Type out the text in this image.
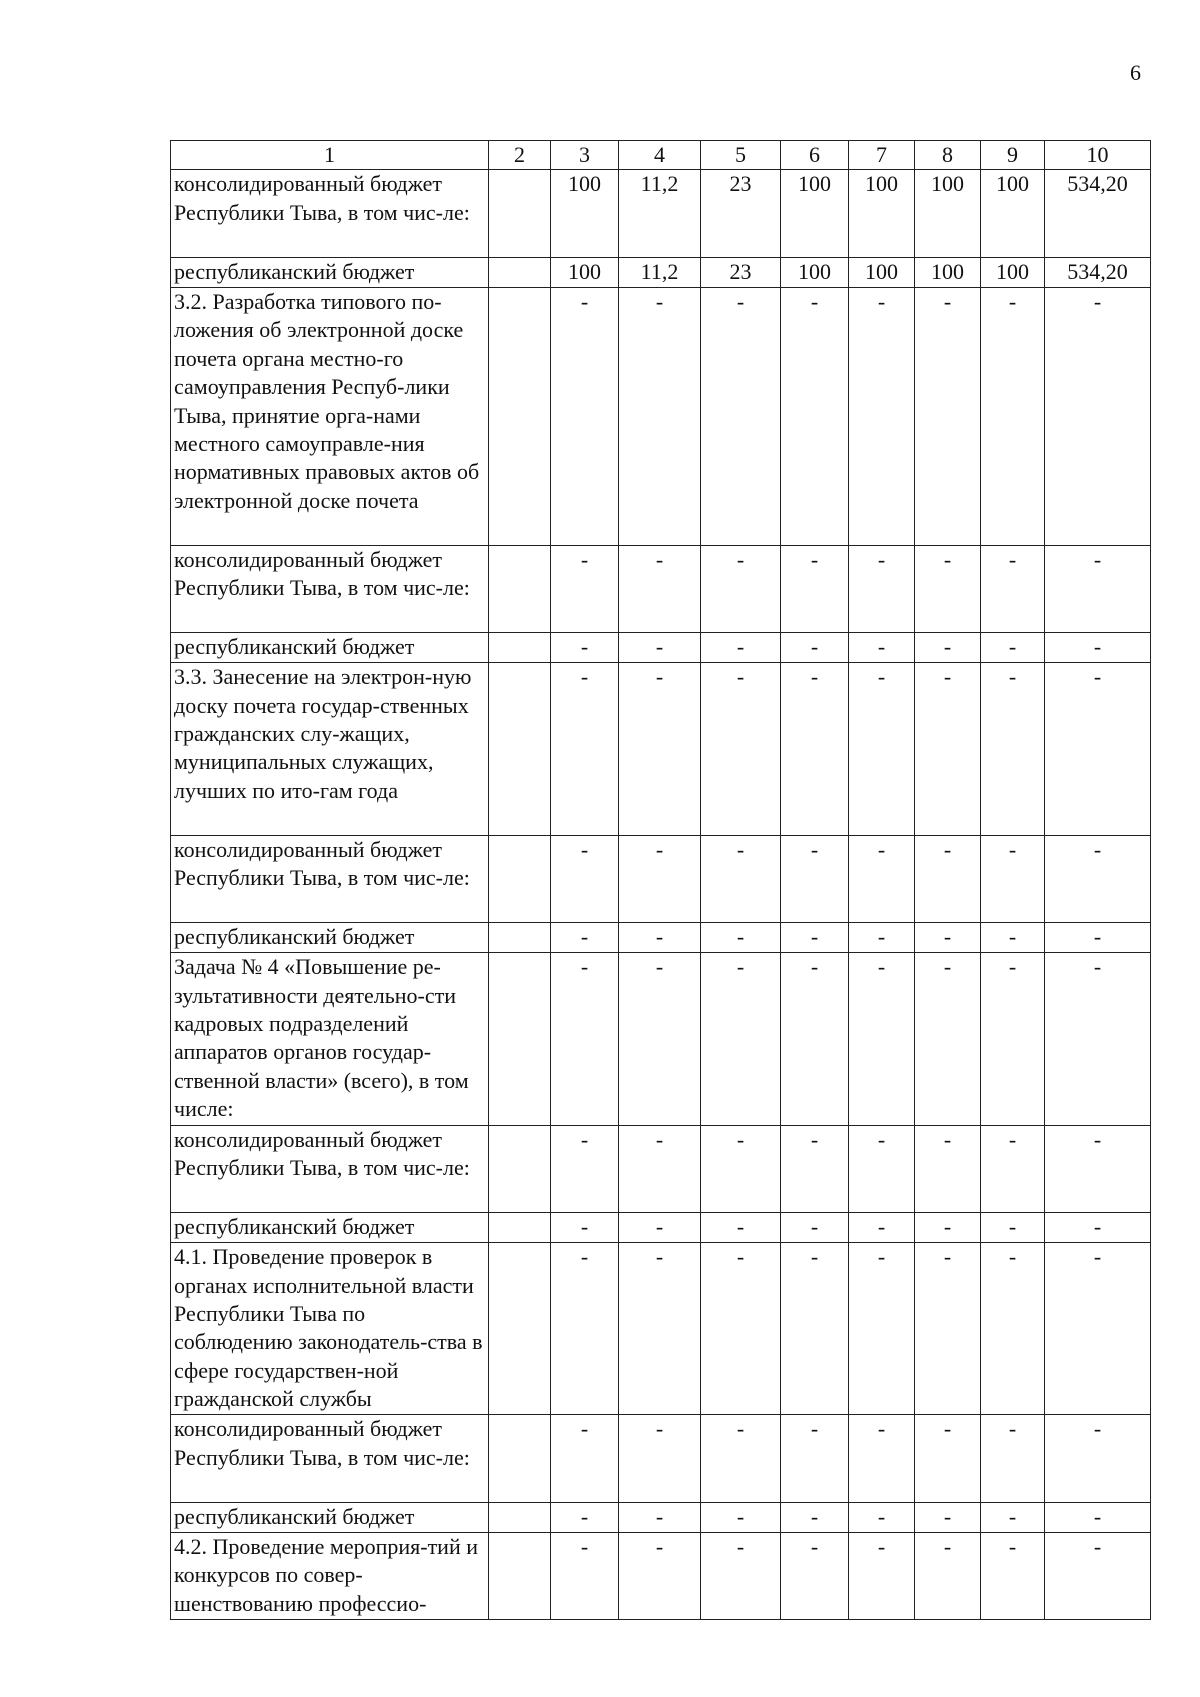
6
1	2	3	4	5	6	7	8	9	10
консолидированный бюджет Республики Тыва, в том чис-ле:		100	11,2	23	100	100	100	100	534,20
республиканский бюджет		100	11,2	23	100	100	100	100	534,20
3.2. Разработка типового по-ложения об электронной доске почета органа местно-го самоуправления Респуб-лики Тыва, принятие орга-нами местного самоуправле-ния нормативных правовых актов об электронной доске почета		-	-	-	-	-	-	-	-
консолидированный бюджет Республики Тыва, в том чис-ле:		-	-	-	-	-	-	-	-
республиканский бюджет		-	-	-	-	-	-	-	-
3.3. Занесение на электрон-ную доску почета государ-ственных гражданских слу-жащих, муниципальных служащих, лучших по ито-гам года		-	-	-	-	-	-	-	-
консолидированный бюджет Республики Тыва, в том чис-ле:		-	-	-	-	-	-	-	-
республиканский бюджет		-	-	-	-	-	-	-	-
Задача № 4 «Повышение ре-зультативности деятельно-сти кадровых подразделений аппаратов органов государ-ственной власти» (всего), в том числе:		-	-	-	-	-	-	-	-
консолидированный бюджет Республики Тыва, в том чис-ле:		-	-	-	-	-	-	-	-
республиканский бюджет		-	-	-	-	-	-	-	-
4.1. Проведение проверок в органах исполнительной власти Республики Тыва по соблюдению законодатель-ства в сфере государствен-ной гражданской службы		-	-	-	-	-	-	-	-
консолидированный бюджет Республики Тыва, в том чис-ле:		-	-	-	-	-	-	-	-
республиканский бюджет		-	-	-	-	-	-	-	-
4.2. Проведение мероприя-тий и конкурсов по совер-шенствованию профессио-		-	-	-	-	-	-	-	-
